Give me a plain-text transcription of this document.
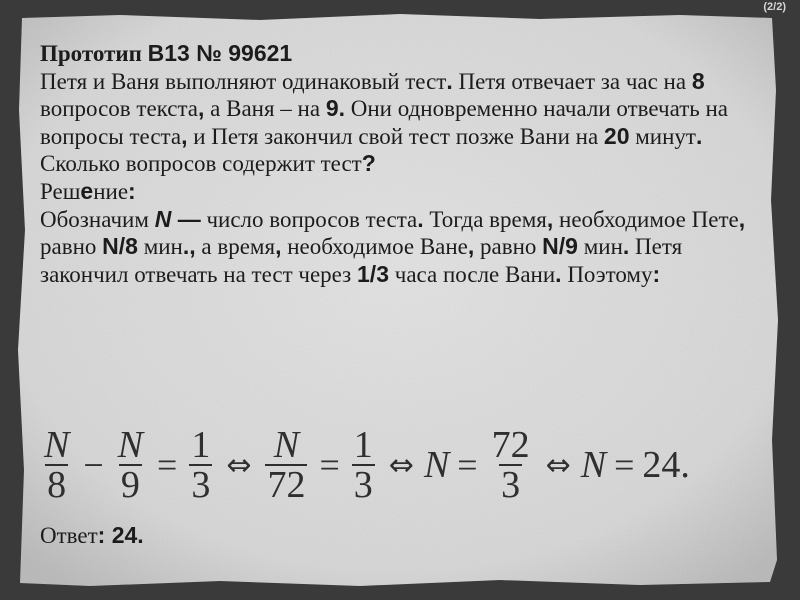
(2/2)

Прототип B13 № 99621

Петя и Ваня выполняют одинаковый тест. Петя отвечает за час на 8 вопросов текста, а Ваня – на 9. Они одновременно начали отвечать на вопросы теста, и Петя закончил свой тест позже Вани на 20 минут. Сколько вопросов содержит тест?

Решение:

Обозначим N — число вопросов теста. Тогда время, необходимое Пете, равно N/8 мин., а время, необходимое Ване, равно N/9 мин. Петя закончил отвечать на тест через 1/3 часа после Вани. Поэтому:

$\frac{N}{8} - \frac{N}{9} = \frac{1}{3}$ ⇔ $\frac{N}{72} = \frac{1}{3}$ ⇔ $N = \frac{72}{3}$ ⇔ N = 24.
Ответ: 24.
